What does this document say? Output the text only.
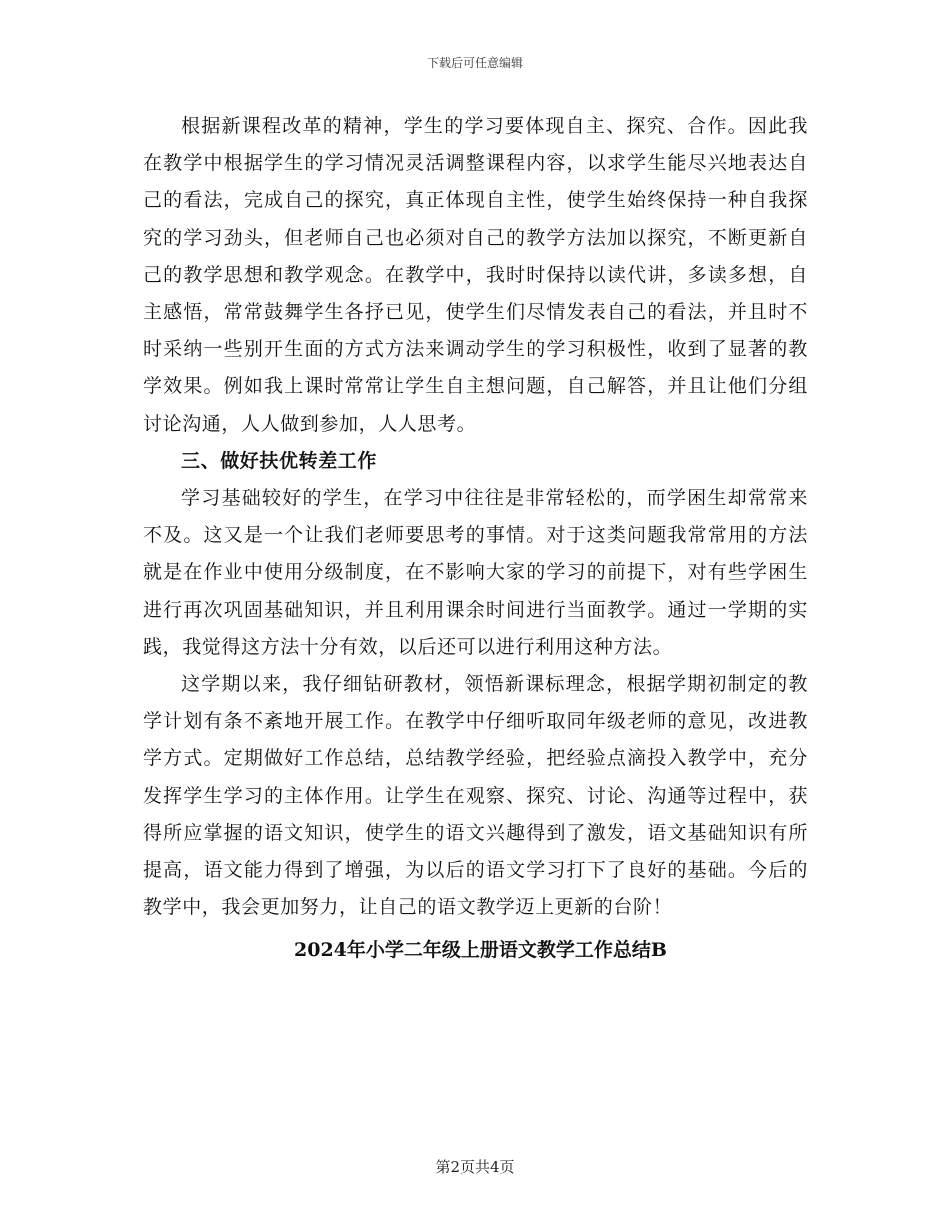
下载后可任意编辑

根据新课程改革的精神，学生的学习要体现自主、探究、合作。因此我在教学中根据学生的学习情况灵活调整课程内容，以求学生能尽兴地表达自己的看法，完成自己的探究，真正体现自主性，使学生始终保持一种自我探究的学习劲头，但老师自己也必须对自己的教学方法加以探究，不断更新自己的教学思想和教学观念。在教学中，我时时保持以读代讲，多读多想，自主感悟，常常鼓舞学生各抒已见，使学生们尽情发表自己的看法，并且时不时采纳一些别开生面的方式方法来调动学生的学习积极性，收到了显著的教学效果。例如我上课时常常让学生自主想问题，自己解答，并且让他们分组讨论沟通，人人做到参加，人人思考。

三、做好扶优转差工作

学习基础较好的学生，在学习中往往是非常轻松的，而学困生却常常来不及。这又是一个让我们老师要思考的事情。对于这类问题我常常用的方法就是在作业中使用分级制度，在不影响大家的学习的前提下，对有些学困生进行再次巩固基础知识，并且利用课余时间进行当面教学。通过一学期的实践，我觉得这方法十分有效，以后还可以进行利用这种方法。

这学期以来，我仔细钻研教材，领悟新课标理念，根据学期初制定的教学计划有条不紊地开展工作。在教学中仔细听取同年级老师的意见，改进教学方式。定期做好工作总结，总结教学经验，把经验点滴投入教学中，充分发挥学生学习的主体作用。让学生在观察、探究、讨论、沟通等过程中，获得所应掌握的语文知识，使学生的语文兴趣得到了激发，语文基础知识有所提高，语文能力得到了增强，为以后的语文学习打下了良好的基础。今后的教学中，我会更加努力，让自己的语文教学迈上更新的台阶！

2024年小学二年级上册语文教学工作总结B

第2页共4页
